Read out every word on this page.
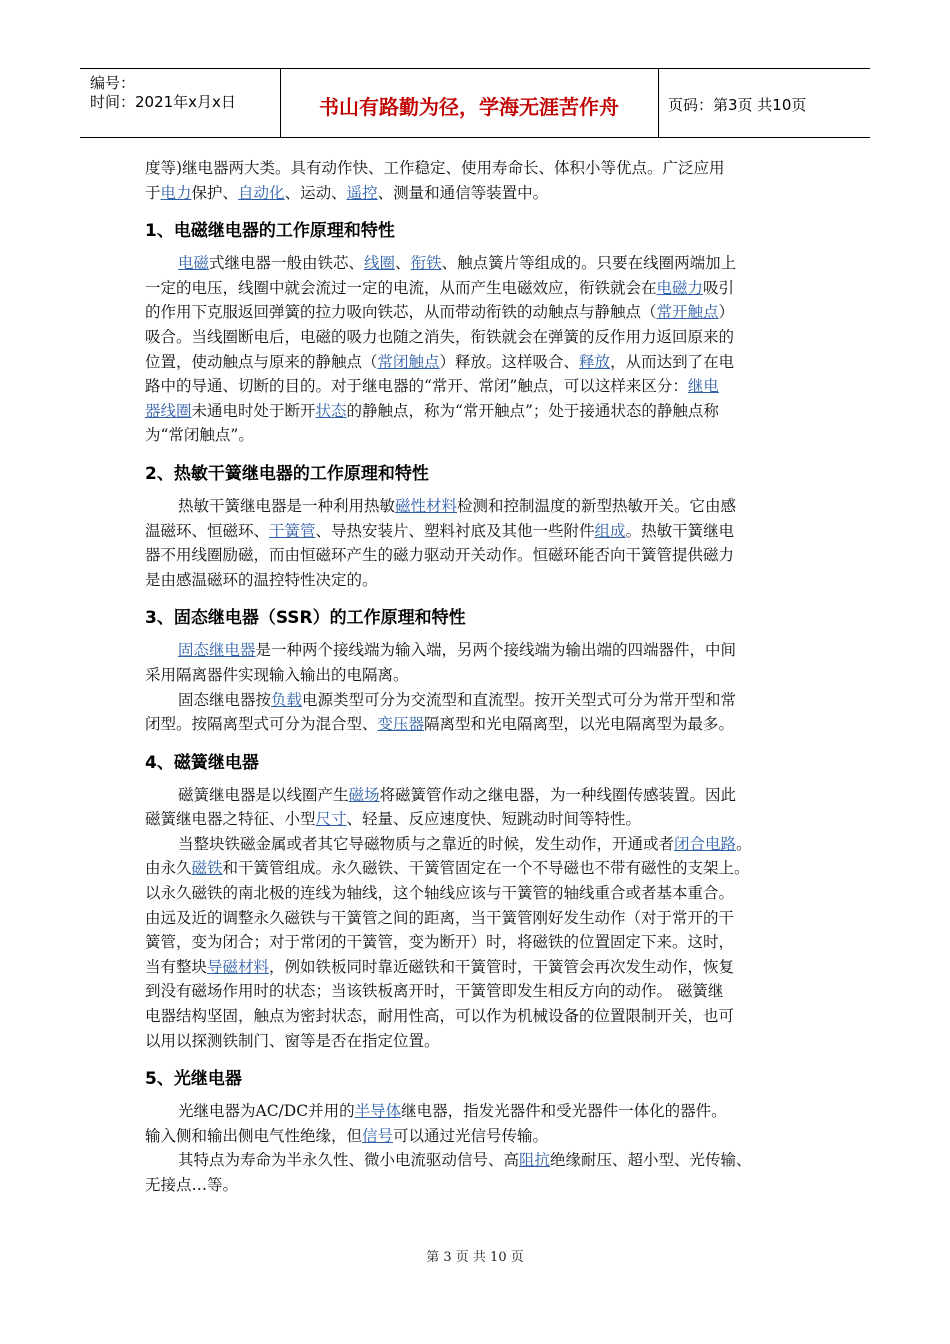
编号：
时间：2021年x月x日	书山有路勤为径，学海无涯苦作舟	页码：第3页 共10页

度等)继电器两大类。具有动作快、工作稳定、使用寿命长、体积小等优点。广泛应用

于电力保护、自动化、运动、遥控、测量和通信等装置中。

1、电磁继电器的工作原理和特性

电磁式继电器一般由铁芯、线圈、衔铁、触点簧片等组成的。只要在线圈两端加上

一定的电压，线圈中就会流过一定的电流，从而产生电磁效应，衔铁就会在电磁力吸引

的作用下克服返回弹簧的拉力吸向铁芯，从而带动衔铁的动触点与静触点（常开触点）

吸合。当线圈断电后，电磁的吸力也随之消失，衔铁就会在弹簧的反作用力返回原来的

位置，使动触点与原来的静触点（常闭触点）释放。这样吸合、释放，从而达到了在电

路中的导通、切断的目的。对于继电器的“常开、常闭”触点，可以这样来区分：继电

器线圈未通电时处于断开状态的静触点，称为“常开触点”；处于接通状态的静触点称

为“常闭触点”。

2、热敏干簧继电器的工作原理和特性

热敏干簧继电器是一种利用热敏磁性材料检测和控制温度的新型热敏开关。它由感

温磁环、恒磁环、干簧管、导热安装片、塑料衬底及其他一些附件组成。热敏干簧继电

器不用线圈励磁，而由恒磁环产生的磁力驱动开关动作。恒磁环能否向干簧管提供磁力

是由感温磁环的温控特性决定的。

3、固态继电器（SSR）的工作原理和特性

固态继电器是一种两个接线端为输入端，另两个接线端为输出端的四端器件，中间

采用隔离器件实现输入输出的电隔离。

固态继电器按负载电源类型可分为交流型和直流型。按开关型式可分为常开型和常

闭型。按隔离型式可分为混合型、变压器隔离型和光电隔离型，以光电隔离型为最多。

4、磁簧继电器

磁簧继电器是以线圈产生磁场将磁簧管作动之继电器，为一种线圈传感装置。因此

磁簧继电器之特征、小型尺寸、轻量、反应速度快、短跳动时间等特性。

当整块铁磁金属或者其它导磁物质与之靠近的时候，发生动作，开通或者闭合电路。

由永久磁铁和干簧管组成。永久磁铁、干簧管固定在一个不导磁也不带有磁性的支架上。

以永久磁铁的南北极的连线为轴线，这个轴线应该与干簧管的轴线重合或者基本重合。

由远及近的调整永久磁铁与干簧管之间的距离，当干簧管刚好发生动作（对于常开的干

簧管，变为闭合；对于常闭的干簧管，变为断开）时，将磁铁的位置固定下来。这时，

当有整块导磁材料，例如铁板同时靠近磁铁和干簧管时，干簧管会再次发生动作，恢复

到没有磁场作用时的状态；当该铁板离开时，干簧管即发生相反方向的动作。 磁簧继

电器结构坚固，触点为密封状态，耐用性高，可以作为机械设备的位置限制开关，也可

以用以探测铁制门、窗等是否在指定位置。

5、光继电器

光继电器为AC/DC并用的半导体继电器，指发光器件和受光器件一体化的器件。

输入侧和输出侧电气性绝缘，但信号可以通过光信号传输。

其特点为寿命为半永久性、微小电流驱动信号、高阻抗绝缘耐压、超小型、光传输、

无接点…等。

第 3 页 共 10 页
